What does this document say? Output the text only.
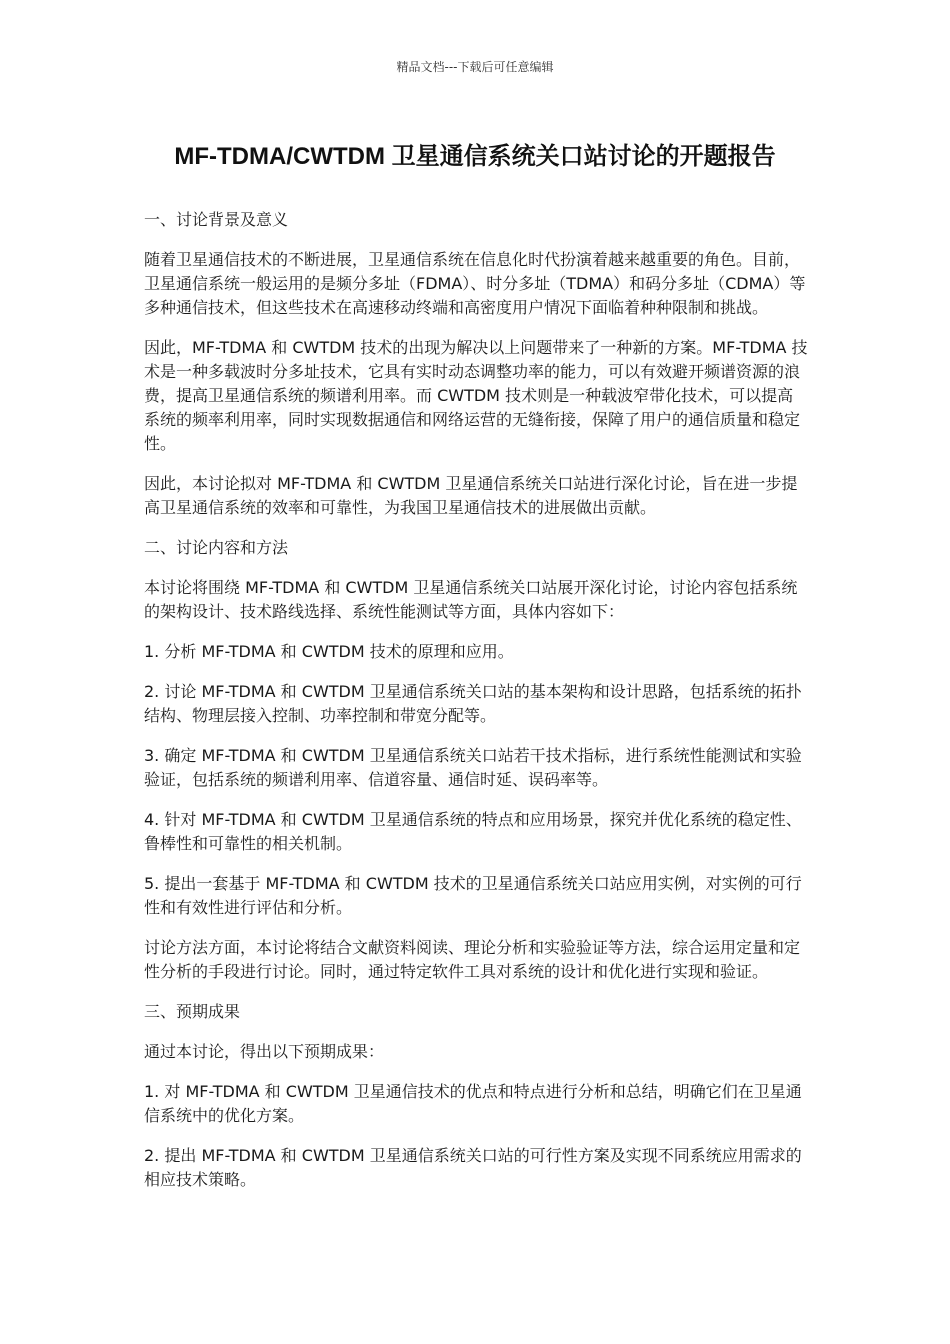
精品文档---下载后可任意编辑
MF-TDMA/CWTDM 卫星通信系统关口站讨论的开题报告

一、讨论背景及意义

随着卫星通信技术的不断进展，卫星通信系统在信息化时代扮演着越来越重要的角色。目前，卫星通信系统一般运用的是频分多址（FDMA）、时分多址（TDMA）和码分多址（CDMA）等多种通信技术，但这些技术在高速移动终端和高密度用户情况下面临着种种限制和挑战。

因此，MF-TDMA 和 CWTDM 技术的出现为解决以上问题带来了一种新的方案。MF-TDMA 技术是一种多载波时分多址技术，它具有实时动态调整功率的能力，可以有效避开频谱资源的浪费，提高卫星通信系统的频谱利用率。而 CWTDM 技术则是一种载波窄带化技术，可以提高系统的频率利用率，同时实现数据通信和网络运营的无缝衔接，保障了用户的通信质量和稳定性。

因此，本讨论拟对 MF-TDMA 和 CWTDM 卫星通信系统关口站进行深化讨论，旨在进一步提高卫星通信系统的效率和可靠性，为我国卫星通信技术的进展做出贡献。

二、讨论内容和方法

本讨论将围绕 MF-TDMA 和 CWTDM 卫星通信系统关口站展开深化讨论，讨论内容包括系统的架构设计、技术路线选择、系统性能测试等方面，具体内容如下：

1. 分析 MF-TDMA 和 CWTDM 技术的原理和应用。

2. 讨论 MF-TDMA 和 CWTDM 卫星通信系统关口站的基本架构和设计思路，包括系统的拓扑结构、物理层接入控制、功率控制和带宽分配等。

3. 确定 MF-TDMA 和 CWTDM 卫星通信系统关口站若干技术指标，进行系统性能测试和实验验证，包括系统的频谱利用率、信道容量、通信时延、误码率等。

4. 针对 MF-TDMA 和 CWTDM 卫星通信系统的特点和应用场景，探究并优化系统的稳定性、鲁棒性和可靠性的相关机制。

5. 提出一套基于 MF-TDMA 和 CWTDM 技术的卫星通信系统关口站应用实例，对实例的可行性和有效性进行评估和分析。

讨论方法方面，本讨论将结合文献资料阅读、理论分析和实验验证等方法，综合运用定量和定性分析的手段进行讨论。同时，通过特定软件工具对系统的设计和优化进行实现和验证。

三、预期成果

通过本讨论，得出以下预期成果：

1. 对 MF-TDMA 和 CWTDM 卫星通信技术的优点和特点进行分析和总结，明确它们在卫星通信系统中的优化方案。

2. 提出 MF-TDMA 和 CWTDM 卫星通信系统关口站的可行性方案及实现不同系统应用需求的相应技术策略。
